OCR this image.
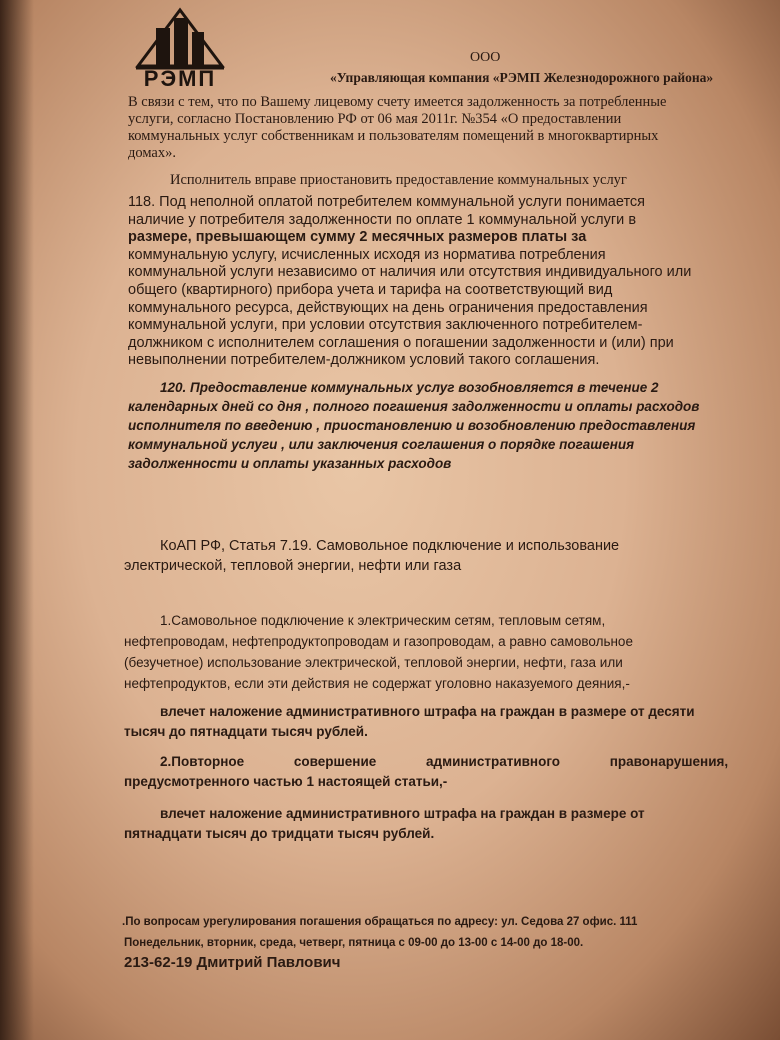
РЭМП
ООО
«Управляющая компания «РЭМП Железнодорожного района»
В связи с тем, что по Вашему лицевому счету имеется задолженность за потребленные
услуги, согласно Постановлению РФ от 06 мая 2011г. №354 «О предоставлении
коммунальных услуг собственникам и пользователям помещений в многоквартирных
домах».
Исполнитель вправе приостановить предоставление коммунальных услуг
118. Под неполной оплатой потребителем коммунальной услуги понимается
наличие у потребителя задолженности по оплате 1 коммунальной услуги в
размере, превышающем сумму 2 месячных размеров платы за
коммунальную услугу, исчисленных исходя из норматива потребления
коммунальной услуги независимо от наличия или отсутствия индивидуального или
общего (квартирного) прибора учета и тарифа на соответствующий вид
коммунального ресурса, действующих на день ограничения предоставления
коммунальной услуги, при условии отсутствия заключенного потребителем-
должником с исполнителем соглашения о погашении задолженности и (или) при
невыполнении потребителем-должником условий такого соглашения.
120. Предоставление коммунальных услуг возобновляется в течение 2
календарных дней со дня , полного погашения задолженности и оплаты расходов
исполнителя по введению , приостановлению и возобновлению предоставления
коммунальной услуги , или заключения соглашения о порядке погашения
задолженности и оплаты указанных расходов
КоАП РФ, Статья 7.19. Самовольное подключение и использование
электрической, тепловой энергии, нефти или газа
1.Самовольное подключение к электрическим сетям, тепловым сетям,
нефтепроводам, нефтепродуктопроводам и газопроводам, а равно самовольное
(безучетное) использование электрической, тепловой энергии, нефти, газа или
нефтепродуктов, если эти действия не содержат уголовно наказуемого деяния,-
влечет наложение административного штрафа на граждан в размере от десяти
тысяч до пятнадцати тысяч рублей.
2.Повторное совершение административного правонарушения,
предусмотренного частью 1 настоящей статьи,-
влечет наложение административного штрафа на граждан в размере от
пятнадцати тысяч до тридцати тысяч рублей.
.По вопросам урегулирования погашения обращаться по адресу: ул. Седова 27 офис. 111
Понедельник, вторник, среда, четверг, пятница с 09-00 до 13-00 с 14-00 до 18-00.
213-62-19 Дмитрий Павлович
